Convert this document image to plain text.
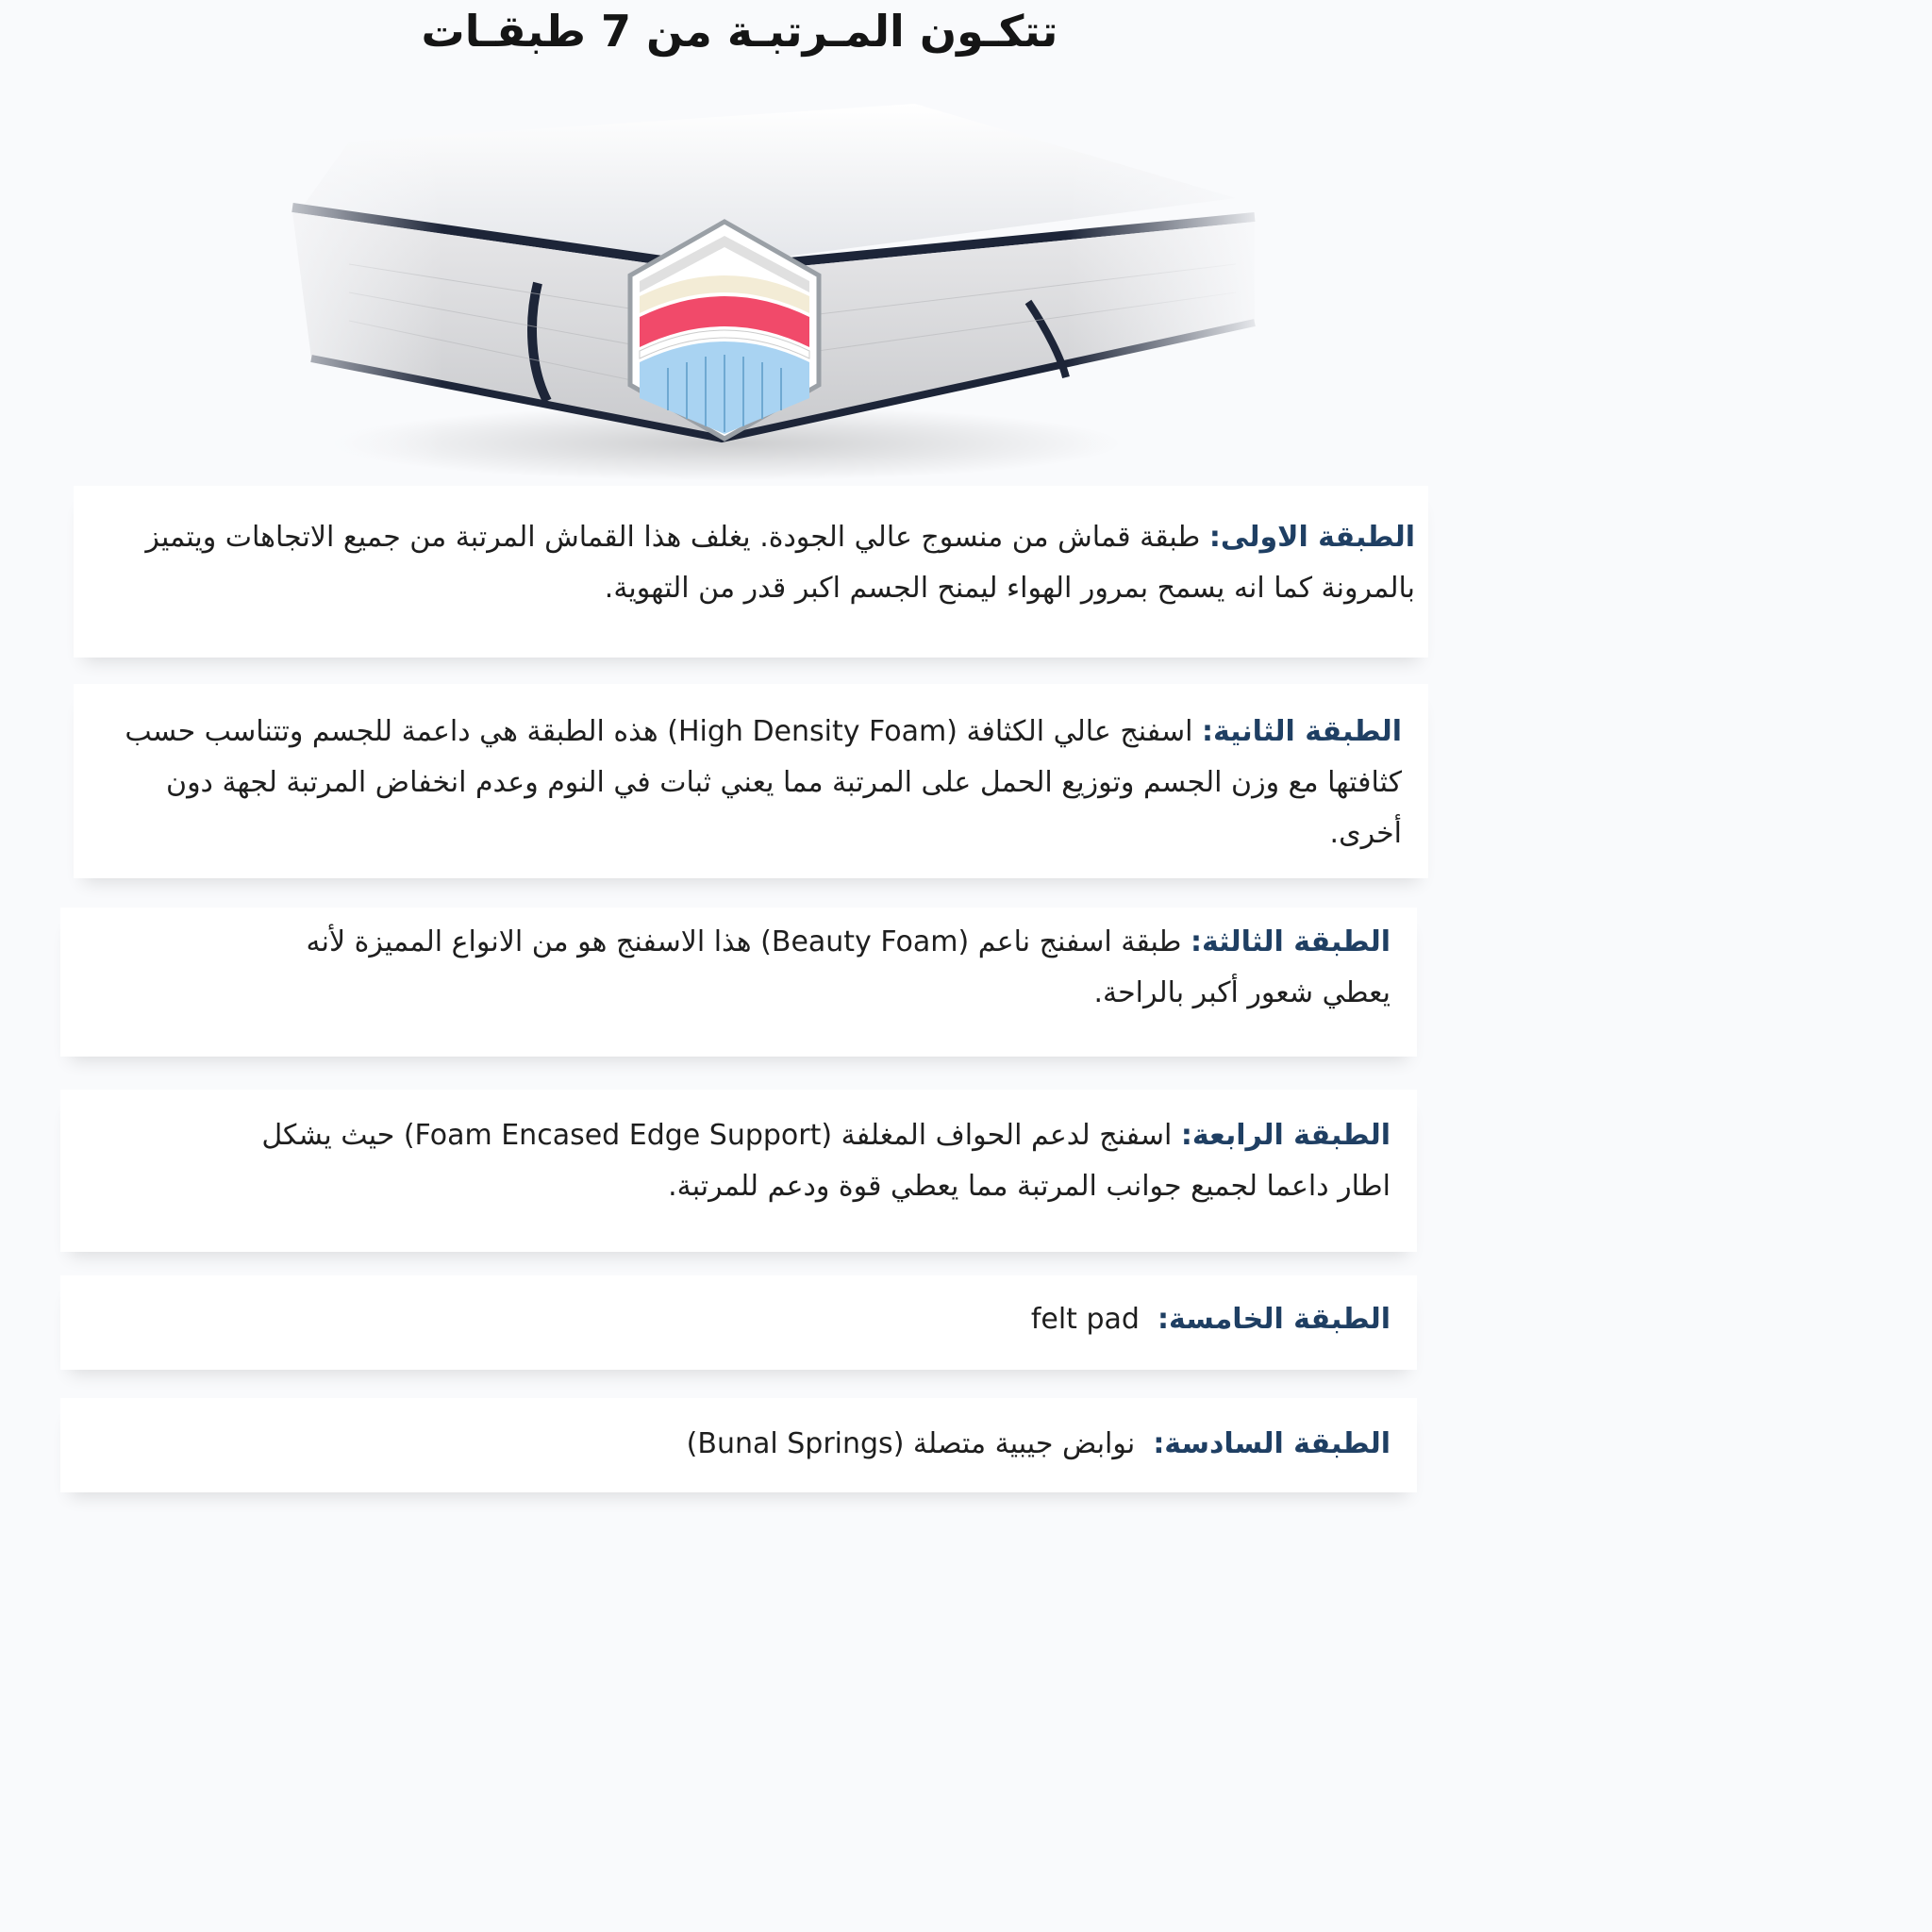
تتكـون المـرتبـة من 7 طبقـات

الطبقة الاولى: طبقة قماش من منسوج عالي الجودة. يغلف هذا القماش المرتبة من جميع الاتجاهات ويتميز بالمرونة كما انه يسمح بمرور الهواء ليمنح الجسم اكبر قدر من التهوية.

الطبقة الثانية: اسفنج عالي الكثافة (High Density Foam) هذه الطبقة هي داعمة للجسم وتتناسب حسب كثافتها مع وزن الجسم وتوزيع الحمل على المرتبة مما يعني ثبات في النوم وعدم انخفاض المرتبة لجهة دون أخرى.

الطبقة الثالثة: طبقة اسفنج ناعم (Beauty Foam) هذا الاسفنج هو من الانواع المميزة لأنه يعطي شعور أكبر بالراحة.

الطبقة الرابعة: اسفنج لدعم الحواف المغلفة (Foam Encased Edge Support) حيث يشكل اطار داعما لجميع جوانب المرتبة مما يعطي قوة ودعم للمرتبة.

الطبقة الخامسة:  felt pad

الطبقة السادسة:  نوابض جيبية متصلة (Bunal Springs)
